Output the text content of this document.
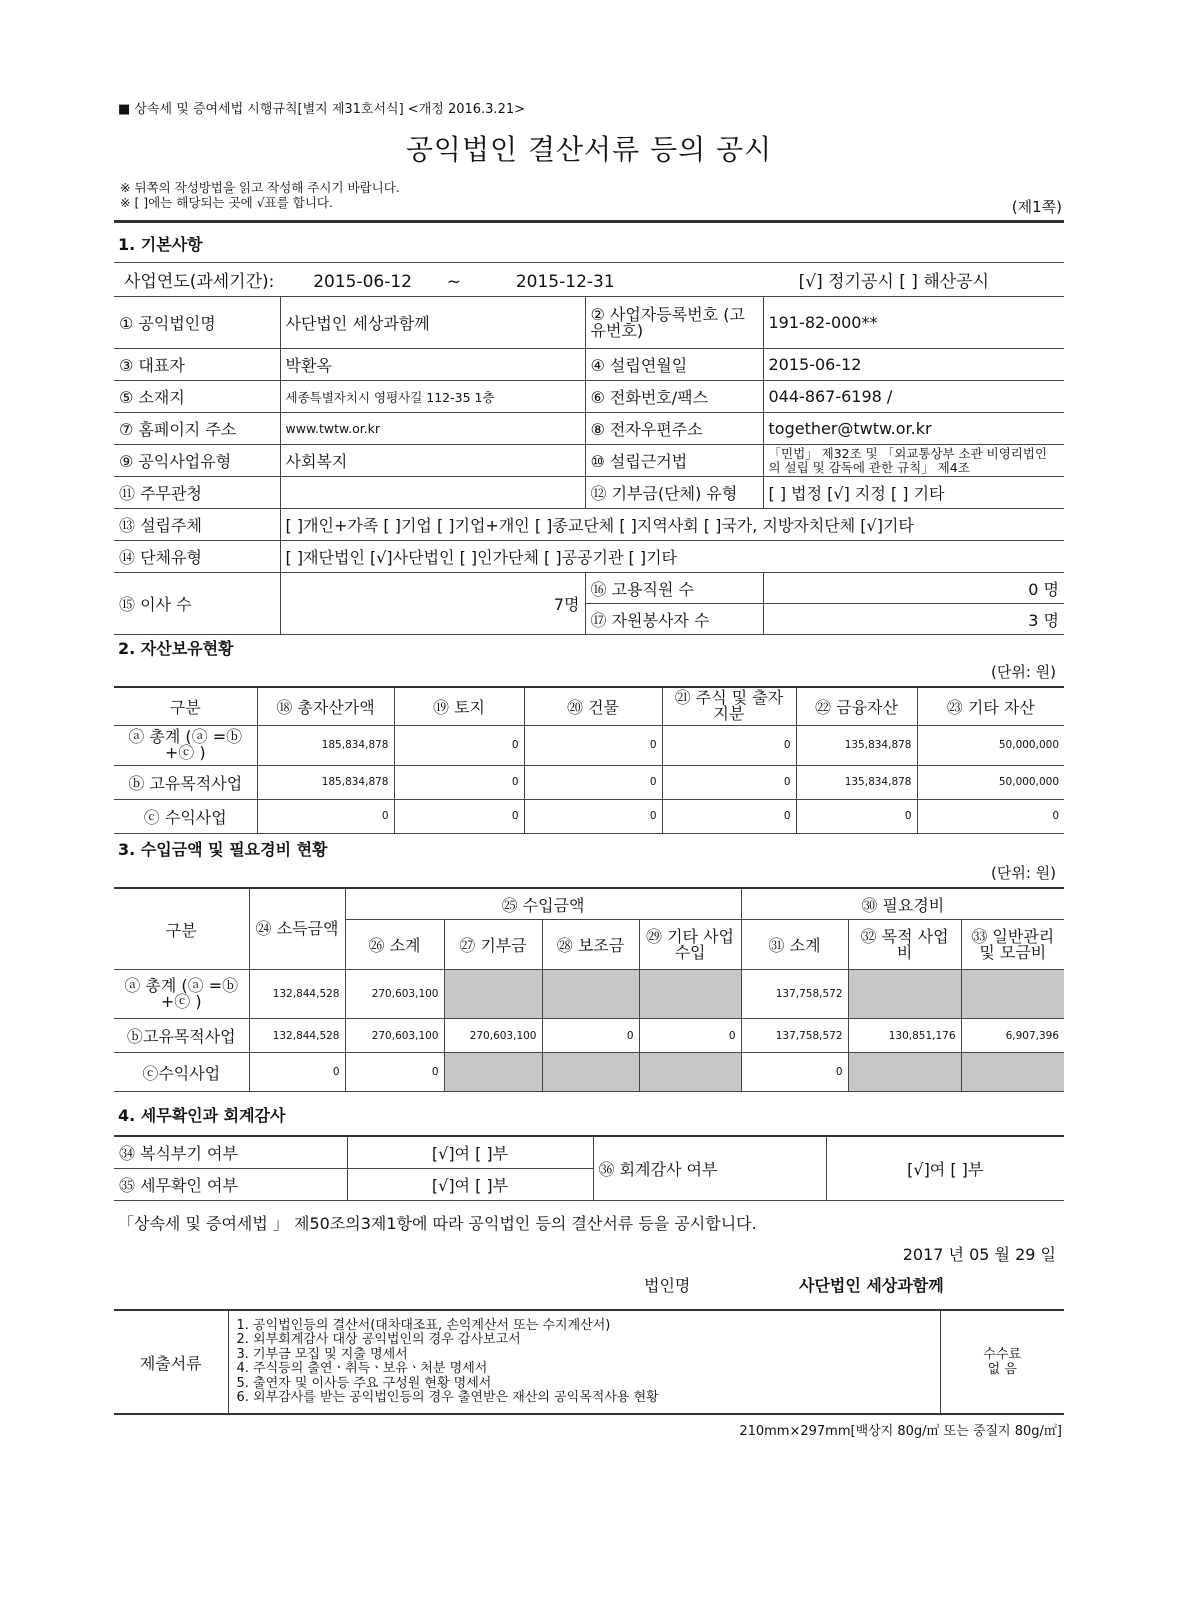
■ 상속세 및 증여세법 시행규칙[별지 제31호서식] <개정 2016.3.21>
공익법인 결산서류 등의 공시
※ 뒤쪽의 작성방법을 읽고 작성해 주시기 바랍니다.
※ [ ]에는 해당되는 곳에 √표를 합니다.	(제1쪽)
1. 기본사항
사업연도(과세기간): 2015-06-12 ~ 2015-12-31 [√] 정기공시 [ ] 해산공시			

① 공익법인명	사단법인 세상과함께	② 사업자등록번호 (고유번호)	191-82-000**
③ 대표자	박환옥	④ 설립연월일	2015-06-12
⑤ 소재지	세종특별자치시 영평사길 112-35 1층	⑥ 전화번호/팩스	044-867-6198 /
⑦ 홈페이지 주소	www.twtw.or.kr	⑧ 전자우편주소	together@twtw.or.kr
⑨ 공익사업유형	사회복지	⑩ 설립근거법	「민법」 제32조 및 「외교통상부 소관 비영리법인의 설립 및 감독에 관한 규칙」 제4조
⑪ 주무관청		⑫ 기부금(단체) 유형	[ ] 법정 [√] 지정 [ ] 기타
⑬ 설립주체	[ ]개인+가족 [ ]기업 [ ]기업+개인 [ ]종교단체 [ ]지역사회 [ ]국가, 지방자치단체 [√]기타		
⑭ 단체유형	[ ]재단법인 [√]사단법인 [ ]인가단체 [ ]공공기관 [ ]기타		
⑮ 이사 수	7명	⑯ 고용직원 수	0 명
		⑰ 자원봉사자 수	3 명
2. 자산보유현황
(단위: 원)
구분	⑱ 총자산가액	⑲ 토지	⑳ 건물	㉑ 주식 및 출자지분	㉒ 금융자산	㉓ 기타 자산
ⓐ 총계 (ⓐ =ⓑ +ⓒ )	185,834,878	0	0	0	135,834,878	50,000,000
ⓑ 고유목적사업	185,834,878	0	0	0	135,834,878	50,000,000
ⓒ 수익사업	0	0	0	0	0	0
3. 수입금액 및 필요경비 현황
(단위: 원)
구분	㉔ 소득금액	㉕ 수입금액				㉚ 필요경비		
		㉖ 소계	㉗ 기부금	㉘ 보조금	㉙ 기타 사업수입	㉛ 소계	㉜ 목적 사업비	㉝ 일반관리 및 모금비
ⓐ 총계 (ⓐ =ⓑ +ⓒ )	132,844,528	270,603,100				137,758,572		
ⓑ고유목적사업	132,844,528	270,603,100	270,603,100	0	0	137,758,572	130,851,176	6,907,396
ⓒ수익사업	0	0				0		
4. 세무확인과 회계감사
㉞ 복식부기 여부	[√]여 [ ]부	㊱ 회계감사 여부	[√]여 [ ]부
㉟ 세무확인 여부	[√]여 [ ]부		
「상속세 및 증여세법 」 제50조의3제1항에 따라 공익법인 등의 결산서류 등을 공시합니다.
2017 년 05 월 29 일
법인명	사단법인 세상과함께
제출서류	
1. 공익법인등의 결산서(대차대조표, 손익계산서 또는 수지계산서)
2. 외부회계감사 대상 공익법인의 경우 감사보고서
3. 기부금 모집 및 지출 명세서
4. 주식등의 출연ㆍ취득ㆍ보유ㆍ처분 명세서
5. 출연자 및 이사등 주요 구성원 현황 명세서
6. 외부감사를 받는 공익법인등의 경우 출연받은 재산의 공익목적사용 현황

수수료
없 음
210mm×297mm[백상지 80g/㎡ 또는 중질지 80g/㎡]
